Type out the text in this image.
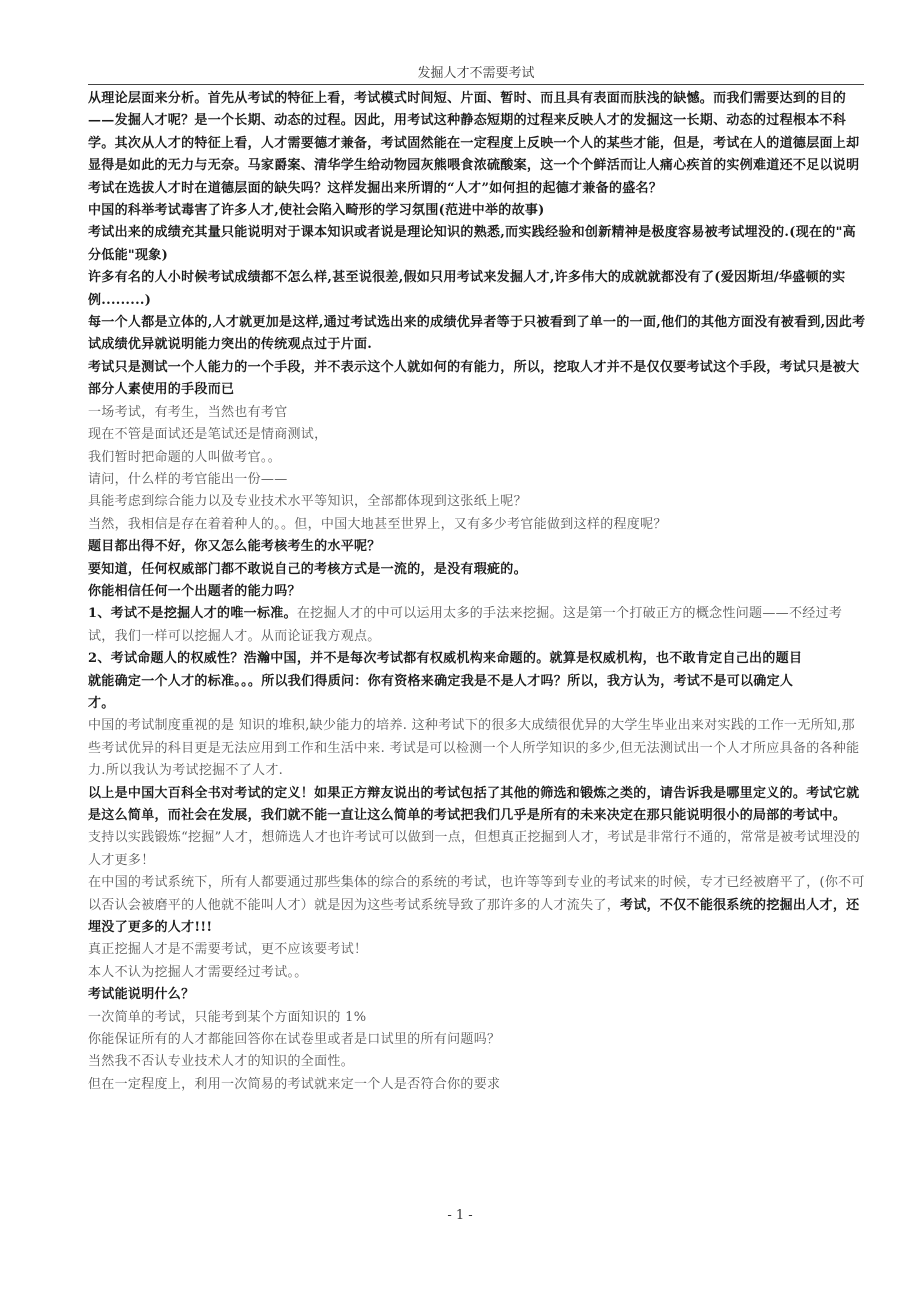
发掘人才不需要考试

从理论层面来分析。首先从考试的特征上看，考试模式时间短、片面、暂时、而且具有表面而肤浅的缺憾。而我们需要达到的目的——发掘人才呢？是一个长期、动态的过程。因此，用考试这种静态短期的过程来反映人才的发掘这一长期、动态的过程根本不科学。其次从人才的特征上看，人才需要德才兼备，考试固然能在一定程度上反映一个人的某些才能，但是，考试在人的道德层面上却显得是如此的无力与无奈。马家爵案、清华学生给动物园灰熊喂食浓硫酸案，这一个个鲜活而让人痛心疾首的实例难道还不足以说明考试在选拔人才时在道德层面的缺失吗？这样发掘出来所谓的“人才”如何担的起德才兼备的盛名？

中国的科举考试毒害了许多人才,使社会陷入畸形的学习氛围(范进中举的故事)

考试出来的成绩充其量只能说明对于课本知识或者说是理论知识的熟悉,而实践经验和创新精神是极度容易被考试埋没的.(现在的"高分低能"现象)

许多有名的人小时候考试成绩都不怎么样,甚至说很差,假如只用考试来发掘人才,许多伟大的成就就都没有了(爱因斯坦/华盛顿的实例.........)

每一个人都是立体的,人才就更加是这样,通过考试选出来的成绩优异者等于只被看到了单一的一面,他们的其他方面没有被看到,因此考试成绩优异就说明能力突出的传统观点过于片面.

考试只是测试一个人能力的一个手段，并不表示这个人就如何的有能力，所以，挖取人才并不是仅仅要考试这个手段，考试只是被大部分人素使用的手段而已

一场考试，有考生，当然也有考官

现在不管是面试还是笔试还是情商测试，

我们暂时把命题的人叫做考官。。

请问，什么样的考官能出一份——

具能考虑到综合能力以及专业技术水平等知识，全部都体现到这张纸上呢？

当然，我相信是存在着着种人的。。但，中国大地甚至世界上，又有多少考官能做到这样的程度呢？

题目都出得不好，你又怎么能考核考生的水平呢？

要知道，任何权威部门都不敢说自己的考核方式是一流的，是没有瑕疵的。

你能相信任何一个出题者的能力吗？

1、考试不是挖掘人才的唯一标准。在挖掘人才的中可以运用太多的手法来挖掘。这是第一个打破正方的概念性问题——不经过考试，我们一样可以挖掘人才。从而论证我方观点。

2、考试命题人的权威性？浩瀚中国，并不是每次考试都有权威机构来命题的。就算是权威机构，也不敢肯定自己出的题目

就能确定一个人才的标准。。。所以我们得质问：你有资格来确定我是不是人才吗？所以，我方认为，考试不是可以确定人

才。

中国的考试制度重视的是 知识的堆积,缺少能力的培养. 这种考试下的很多大成绩很优异的大学生毕业出来对实践的工作一无所知,那些考试优异的科目更是无法应用到工作和生活中来. 考试是可以检测一个人所学知识的多少,但无法测试出一个人才所应具备的各种能力.所以我认为考试挖掘不了人才.

以上是中国大百科全书对考试的定义！如果正方辩友说出的考试包括了其他的筛选和锻炼之类的，请告诉我是哪里定义的。考试它就是这么简单，而社会在发展，我们就不能一直让这么简单的考试把我们几乎是所有的未来决定在那只能说明很小的局部的考试中。

支持以实践锻炼“挖掘”人才，想筛选人才也许考试可以做到一点，但想真正挖掘到人才，考试是非常行不通的，常常是被考试埋没的人才更多！

在中国的考试系统下，所有人都要通过那些集体的综合的系统的考试，也许等等到专业的考试来的时候，专才已经被磨平了，(你不可以否认会被磨平的人他就不能叫人才）就是因为这些考试系统导致了那许多的人才流失了，考试，不仅不能很系统的挖掘出人才，还埋没了更多的人才!!!

真正挖掘人才是不需要考试，更不应该要考试！

本人不认为挖掘人才需要经过考试。。

考试能说明什么？

一次简单的考试，只能考到某个方面知识的 1%

你能保证所有的人才都能回答你在试卷里或者是口试里的所有问题吗？

当然我不否认专业技术人才的知识的全面性。

但在一定程度上，利用一次简易的考试就来定一个人是否符合你的要求

- 1 -
